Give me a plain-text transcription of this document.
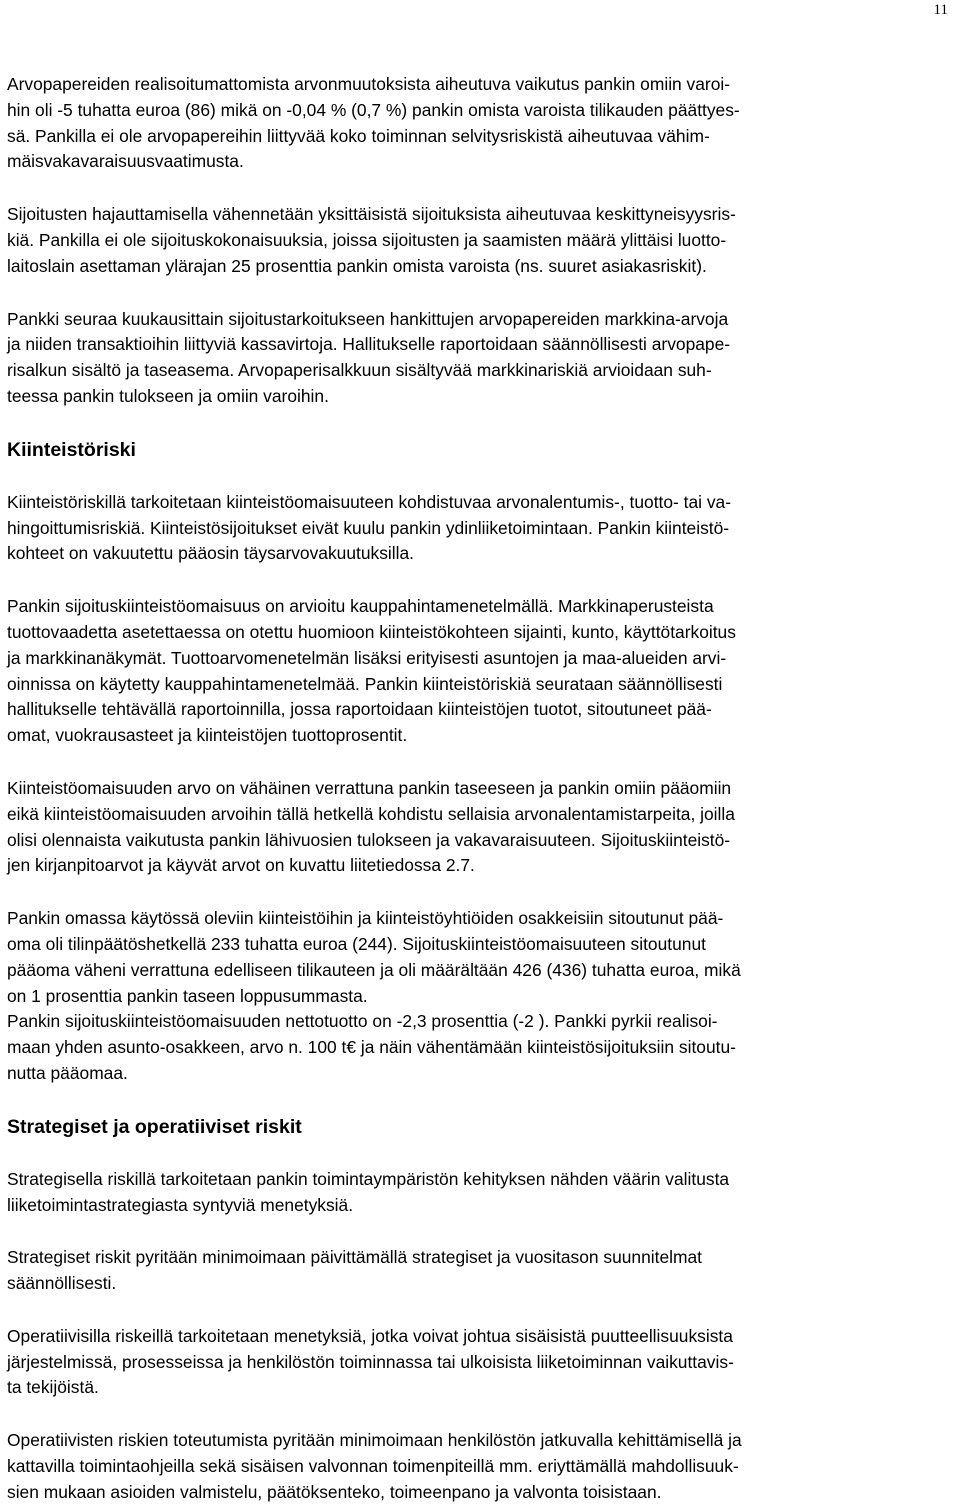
11

Arvopapereiden realisoitumattomista arvonmuutoksista aiheutuva vaikutus pankin omiin varoi-
hin oli -5 tuhatta euroa (86) mikä on -0,04 % (0,7 %) pankin omista varoista tilikauden päättyes-
sä. Pankilla ei ole arvopapereihin liittyvää koko toiminnan selvitysriskistä aiheutuvaa vähim-
mäisvakavaraisuusvaatimusta.

Sijoitusten hajauttamisella vähennetään yksittäisistä sijoituksista aiheutuvaa keskittyneisyysris-
kiä. Pankilla ei ole sijoituskokonaisuuksia, joissa sijoitusten ja saamisten määrä ylittäisi luotto-
laitoslain asettaman ylärajan 25 prosenttia pankin omista varoista (ns. suuret asiakasriskit).

Pankki seuraa kuukausittain sijoitustarkoitukseen hankittujen arvopapereiden markkina-arvoja
ja niiden transaktioihin liittyviä kassavirtoja. Hallitukselle raportoidaan säännöllisesti arvopape-
risalkun sisältö ja taseasema. Arvopaperisalkkuun sisältyvää markkinariskiä arvioidaan suh-
teessa pankin tulokseen ja omiin varoihin.

Kiinteistöriski

Kiinteistöriskillä tarkoitetaan kiinteistöomaisuuteen kohdistuvaa arvonalentumis-, tuotto- tai va-
hingoittumisriskiä. Kiinteistösijoitukset eivät kuulu pankin ydinliiketoimintaan. Pankin kiinteistö-
kohteet on vakuutettu pääosin täysarvovakuutuksilla.

Pankin sijoituskiinteistöomaisuus on arvioitu kauppahintamenetelmällä. Markkinaperusteista
tuottovaadetta asetettaessa on otettu huomioon kiinteistökohteen sijainti, kunto, käyttötarkoitus
ja markkinanäkymät. Tuottoarvomenetelmän lisäksi erityisesti asuntojen ja maa-alueiden arvi-
oinnissa on käytetty kauppahintamenetelmää. Pankin kiinteistöriskiä seurataan säännöllisesti
hallitukselle tehtävällä raportoinnilla, jossa raportoidaan kiinteistöjen tuotot, sitoutuneet pää-
omat, vuokrausasteet ja kiinteistöjen tuottoprosentit.

Kiinteistöomaisuuden arvo on vähäinen verrattuna pankin taseeseen ja pankin omiin pääomiin
eikä kiinteistöomaisuuden arvoihin tällä hetkellä kohdistu sellaisia arvonalentamistarpeita, joilla
olisi olennaista vaikutusta pankin lähivuosien tulokseen ja vakavaraisuuteen. Sijoituskiinteistö-
jen kirjanpitoarvot ja käyvät arvot on kuvattu liitetiedossa 2.7.

Pankin omassa käytössä oleviin kiinteistöihin ja kiinteistöyhtiöiden osakkeisiin sitoutunut pää-
oma oli tilinpäätöshetkellä 233 tuhatta euroa (244). Sijoituskiinteistöomaisuuteen sitoutunut
pääoma väheni verrattuna edelliseen tilikauteen ja oli määrältään 426 (436) tuhatta euroa, mikä
on 1 prosenttia pankin taseen loppusummasta.

Pankin sijoituskiinteistöomaisuuden nettotuotto on -2,3 prosenttia (-2 ). Pankki pyrkii realisoi-
maan yhden asunto-osakkeen, arvo n. 100 t€ ja näin vähentämään kiinteistösijoituksiin sitoutu-
nutta pääomaa.

Strategiset ja operatiiviset riskit

Strategisella riskillä tarkoitetaan pankin toimintaympäristön kehityksen nähden väärin valitusta
liiketoimintastrategiasta syntyviä menetyksiä.

Strategiset riskit pyritään minimoimaan päivittämällä strategiset ja vuositason suunnitelmat
säännöllisesti.

Operatiivisilla riskeillä tarkoitetaan menetyksiä, jotka voivat johtua sisäisistä puutteellisuuksista
järjestelmissä, prosesseissa ja henkilöstön toiminnassa tai ulkoisista liiketoiminnan vaikuttavis-
ta tekijöistä.

Operatiivisten riskien toteutumista pyritään minimoimaan henkilöstön jatkuvalla kehittämisellä ja
kattavilla toimintaohjeilla sekä sisäisen valvonnan toimenpiteillä mm. eriyttämällä mahdollisuuk-
sien mukaan asioiden valmistelu, päätöksenteko, toimeenpano ja valvonta toisistaan.
